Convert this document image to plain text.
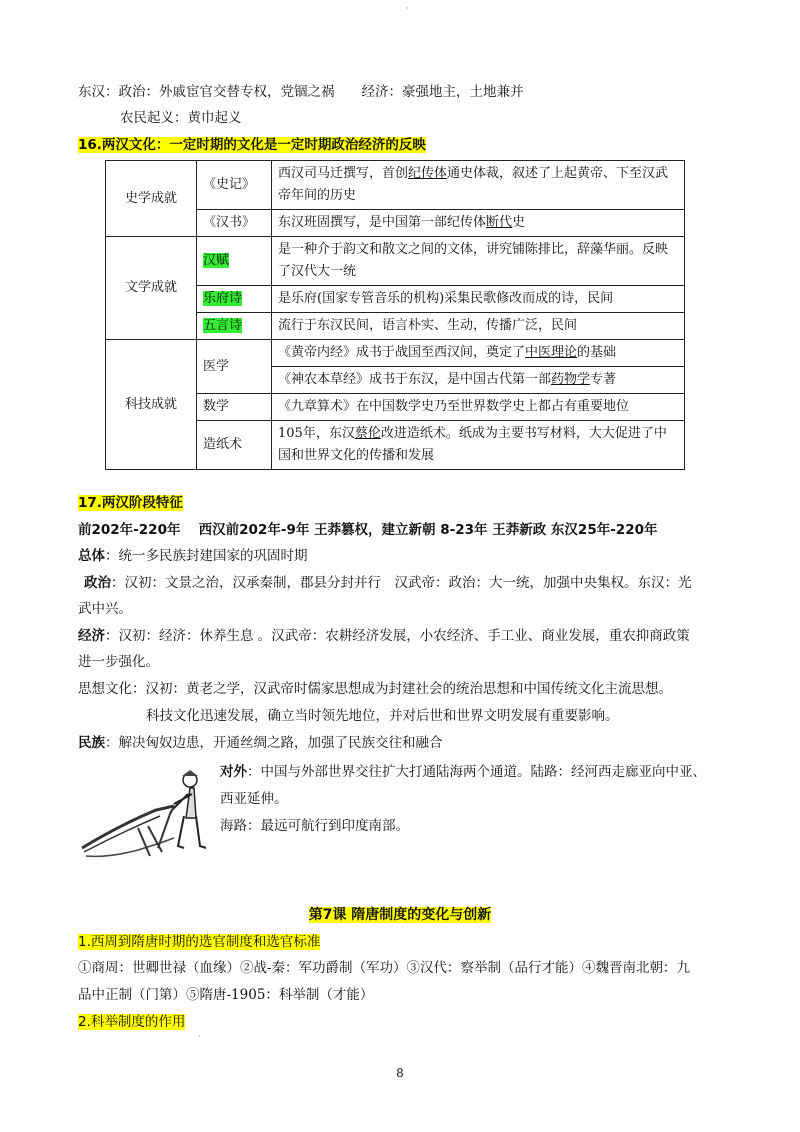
·
东汉：政治：外戚宦官交替专权，党锢之祸　　经济：豪强地主，土地兼并
农民起义：黄巾起义
16.两汉文化：一定时期的文化是一定时期政治经济的反映
史学成就	《史记》	西汉司马迁撰写，首创纪传体通史体裁，叙述了上起黄帝、下至汉武帝年间的历史
	《汉书》	东汉班固撰写，是中国第一部纪传体断代史
文学成就	汉赋	是一种介于韵文和散文之间的文体，讲究铺陈排比，辞藻华丽。反映了汉代大一统
	乐府诗	是乐府(国家专管音乐的机构)采集民歌修改而成的诗，民间
	五言诗	流行于东汉民间，语言朴实、生动，传播广泛，民间
科技成就	医学	《黄帝内经》成书于战国至西汉间，奠定了中医理论的基础
		《神农本草经》成书于东汉，是中国古代第一部药物学专著
	数学	《九章算术》在中国数学史乃至世界数学史上都占有重要地位
	造纸术	105年，东汉蔡伦改进造纸术。纸成为主要书写材料，大大促进了中国和世界文化的传播和发展
17.两汉阶段特征
前202年-220年　 西汉前202年-9年 王莽篡权，建立新朝 8-23年 王莽新政 东汉25年-220年
总体：统一多民族封建国家的巩固时期
政治：汉初：文景之治，汉承秦制，郡县分封并行　汉武帝：政治：大一统，加强中央集权。东汉：光
武中兴。
经济：汉初：经济：休养生息 。汉武帝：农耕经济发展，小农经济、手工业、商业发展，重农抑商政策
进一步强化。
思想文化：汉初：黄老之学，汉武帝时儒家思想成为封建社会的统治思想和中国传统文化主流思想。
科技文化迅速发展，确立当时领先地位，并对后世和世界文明发展有重要影响。
民族：解决匈奴边患，开通丝绸之路，加强了民族交往和融合
对外：中国与外部世界交往扩大打通陆海两个通道。陆路：经河西走廊亚向中亚、
西亚延伸。
海路：最远可航行到印度南部。
第7课 隋唐制度的变化与创新
1.西周到隋唐时期的选官制度和选官标准
①商周：世卿世禄（血缘）②战-秦：军功爵制（军功）③汉代：察举制（品行才能）④魏晋南北朝：九
品中正制（门第）⑤隋唐-1905：科举制（才能）
2.科举制度的作用
·
8
